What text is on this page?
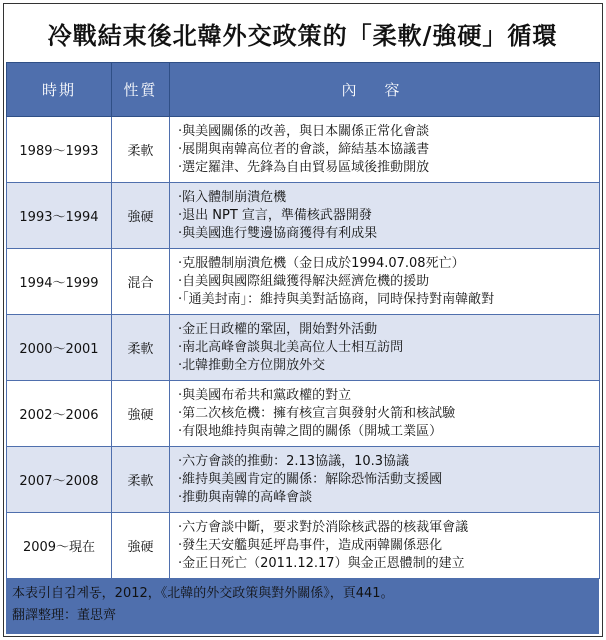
冷戰結束後北韓外交政策的「柔軟/強硬」循環
時期	性質	內容
1989～1993	柔軟	‧與美國關係的改善，與日本關係正常化會談
‧展開與南韓高位者的會談，締結基本協議書
‧選定羅津、先鋒為自由貿易區域後推動開放

1993～1994	強硬	‧陷入體制崩潰危機
‧退出 NPT 宣言，準備核武器開發
‧與美國進行雙邊協商獲得有利成果

1994～1999	混合	‧克服體制崩潰危機（金日成於1994.07.08死亡）
‧自美國與國際組織獲得解決經濟危機的援助
‧「通美封南」：維持與美對話協商，同時保持對南韓敵對

2000～2001	柔軟	‧金正日政權的鞏固，開始對外活動
‧南北高峰會談與北美高位人士相互訪問
‧北韓推動全方位開放外交

2002～2006	強硬	‧與美國布希共和黨政權的對立
‧第二次核危機：擁有核宣言與發射火箭和核試驗
‧有限地維持與南韓之間的關係（開城工業區）

2007～2008	柔軟	‧六方會談的推動：2.13協議，10.3協議
‧維持與美國肯定的關係：解除恐怖活動支援國
‧推動與南韓的高峰會談

2009～現在	強硬	‧六方會談中斷，要求對於消除核武器的核裁軍會議
‧發生天安艦與延坪島事件，造成兩韓關係惡化
‧金正日死亡（2011.12.17）與金正恩體制的建立
本表引自김계동，2012，《北韓的外交政策與對外關係》，頁441。
翻譯整理：董思齊
